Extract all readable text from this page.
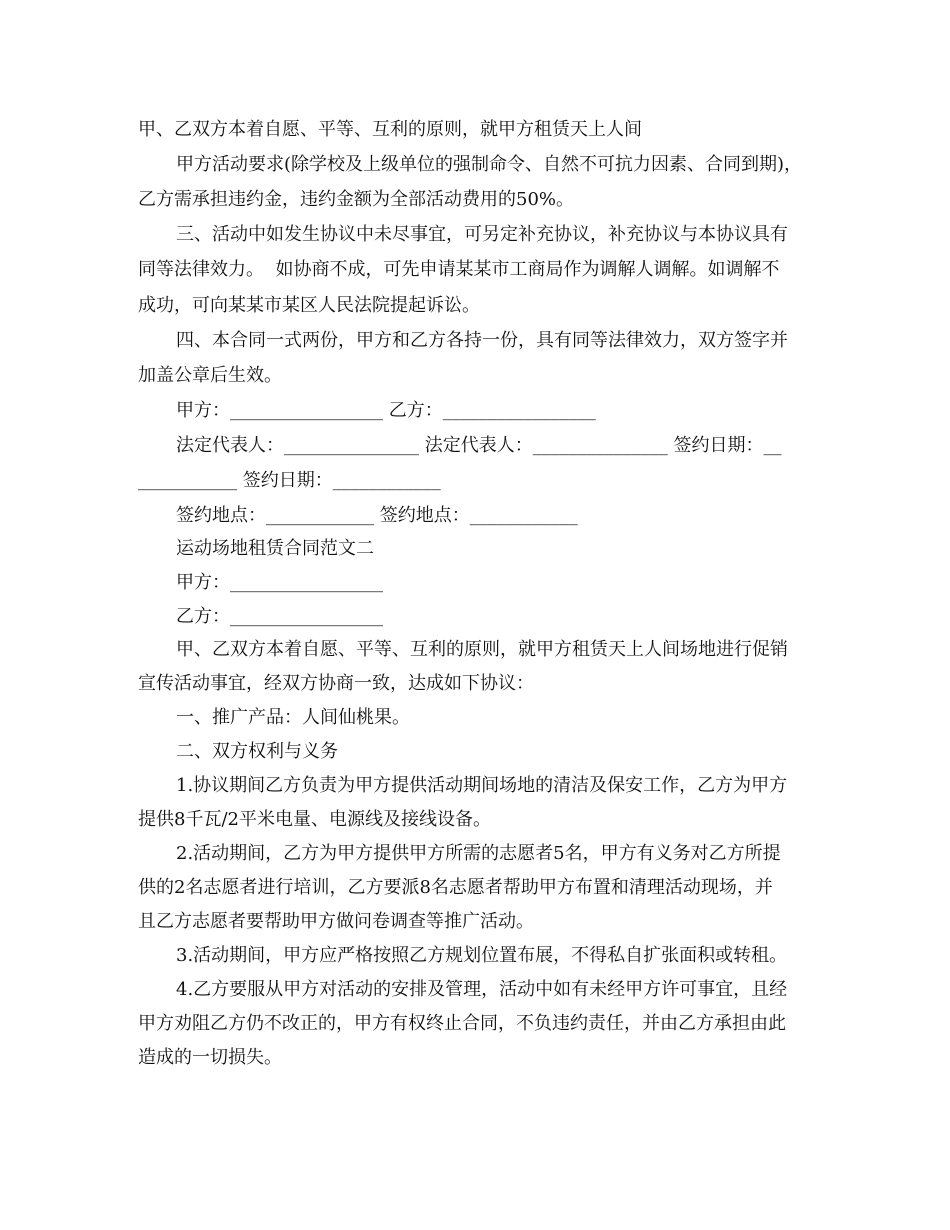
甲、乙双方本着自愿、平等、互利的原则，就甲方租赁天上人间
甲方活动要求(除学校及上级单位的强制命令、自然不可抗力因素、合同到期)，
乙方需承担违约金，违约金额为全部活动费用的50%。
三、活动中如发生协议中未尽事宜，可另定补充协议，补充协议与本协议具有
同等法律效力。  如协商不成，可先申请某某市工商局作为调解人调解。如调解不
成功，可向某某市某区人民法院提起诉讼。
四、本合同一式两份，甲方和乙方各持一份，具有同等法律效力，双方签字并
加盖公章后生效。
甲方：_________________ 乙方：_________________
法定代表人：_______________ 法定代表人：_______________ 签约日期：__
___________ 签约日期：____________
签约地点：____________ 签约地点：____________
运动场地租赁合同范文二
甲方：_________________
乙方：_________________
甲、乙双方本着自愿、平等、互利的原则，就甲方租赁天上人间场地进行促销
宣传活动事宜，经双方协商一致，达成如下协议：
一、推广产品：人间仙桃果。
二、双方权利与义务
1.协议期间乙方负责为甲方提供活动期间场地的清洁及保安工作，乙方为甲方
提供8千瓦/2平米电量、电源线及接线设备。
2.活动期间，乙方为甲方提供甲方所需的志愿者5名，甲方有义务对乙方所提
供的2名志愿者进行培训，乙方要派8名志愿者帮助甲方布置和清理活动现场，并
且乙方志愿者要帮助甲方做问卷调查等推广活动。
3.活动期间，甲方应严格按照乙方规划位置布展，不得私自扩张面积或转租。
4.乙方要服从甲方对活动的安排及管理，活动中如有未经甲方许可事宜，且经
甲方劝阻乙方仍不改正的，甲方有权终止合同，不负违约责任，并由乙方承担由此
造成的一切损失。
